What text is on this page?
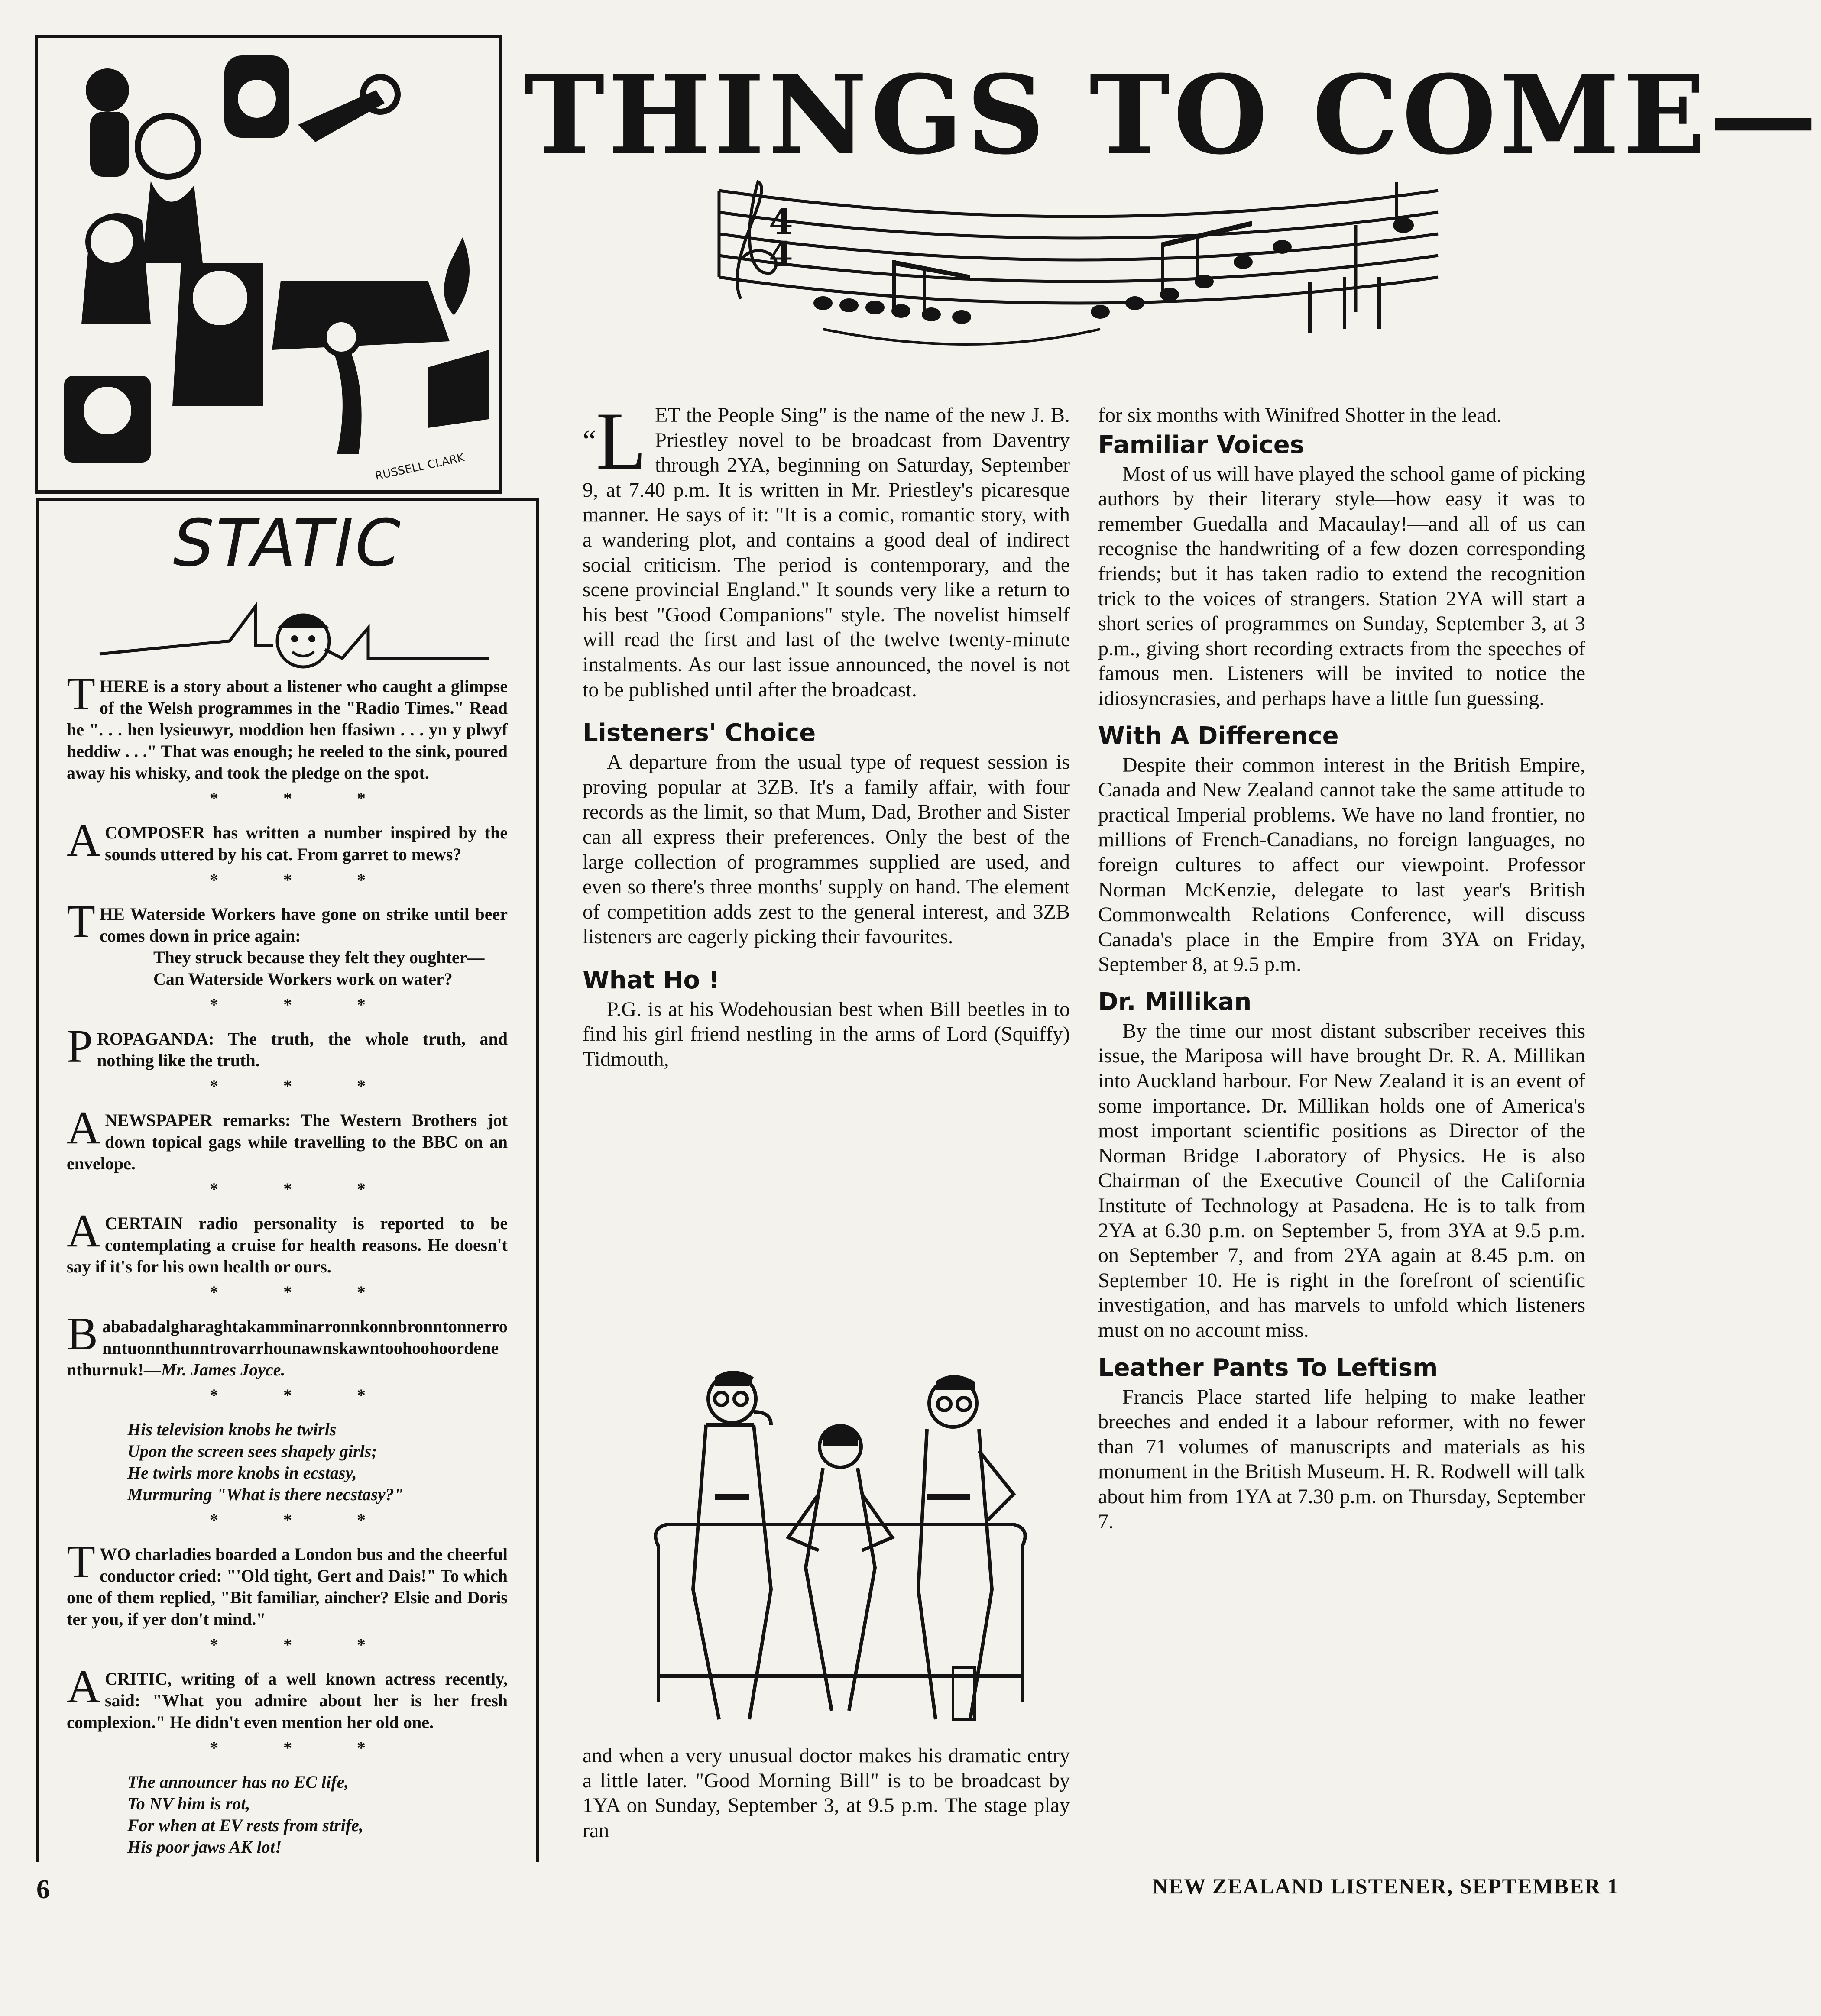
RUSSELL CLARK
THINGS TO COME—
4
4
STATIC

THERE is a story about a listener who caught a glimpse of the Welsh programmes in the "Radio Times." Read he ". . . hen lysieuwyr, moddion hen ffasiwn . . . yn y plwyf heddiw . . ." That was enough; he reeled to the sink, poured away his whisky, and took the pledge on the spot.

* * *

ACOMPOSER has written a number inspired by the sounds uttered by his cat. From garret to mews?

* * *

THE Waterside Workers have gone on strike until beer comes down in price again:

They struck because they felt they oughter—

Can Waterside Workers work on water?

* * *

PROPAGANDA: The truth, the whole truth, and nothing like the truth.

* * *

ANEWSPAPER remarks: The Western Brothers jot down topical gags while travelling to the BBC on an envelope.

* * *

ACERTAIN radio personality is reported to be contemplating a cruise for health reasons. He doesn't say if it's for his own health or ours.

* * *

Bababadalgharaghtakamminarronnkonnbronntonnerronntuonnthunntrovarrhounawnskawntoohoohoordenenthurnuk!—Mr. James Joyce.

* * *

His television knobs he twirls

Upon the screen sees shapely girls;

He twirls more knobs in ecstasy,

Murmuring "What is there necstasy?"

* * *

TWO charladies boarded a London bus and the cheerful conductor cried: "'Old tight, Gert and Dais!" To which one of them replied, "Bit familiar, aincher? Elsie and Doris ter you, if yer don't mind."

* * *

ACRITIC, writing of a well known actress recently, said: "What you admire about her is her fresh complexion." He didn't even mention her old one.

* * *

The announcer has no EC life,

To NV him is rot,

For when at EV rests from strife,

His poor jaws AK lot!

“L ET the People Sing" is the name of the new J. B. Priestley novel to be broadcast from Daventry through 2YA, beginning on Saturday, September 9, at 7.40 p.m. It is written in Mr. Priestley's picaresque manner. He says of it: "It is a comic, romantic story, with a wandering plot, and contains a good deal of indirect social criticism. The period is contemporary, and the scene provincial England." It sounds very like a return to his best "Good Companions" style. The novelist himself will read the first and last of the twelve twenty-minute instalments. As our last issue announced, the novel is not to be published until after the broadcast.

Listeners' Choice

A departure from the usual type of request session is proving popular at 3ZB. It's a family affair, with four records as the limit, so that Mum, Dad, Brother and Sister can all express their preferences. Only the best of the large collection of programmes supplied are used, and even so there's three months' supply on hand. The element of competition adds zest to the general interest, and 3ZB listeners are eagerly picking their favourites.

What Ho !

P.G. is at his Wodehousian best when Bill beetles in to find his girl friend nestling in the arms of Lord (Squiffy) Tidmouth,

and when a very unusual doctor makes his dramatic entry a little later. "Good Morning Bill" is to be broadcast by 1YA on Sunday, September 3, at 9.5 p.m. The stage play ran

for six months with Winifred Shotter in the lead.

Familiar Voices

Most of us will have played the school game of picking authors by their literary style—how easy it was to remember Guedalla and Macaulay!—and all of us can recognise the handwriting of a few dozen corresponding friends; but it has taken radio to extend the recognition trick to the voices of strangers. Station 2YA will start a short series of programmes on Sunday, September 3, at 3 p.m., giving short recording extracts from the speeches of famous men. Listeners will be invited to notice the idiosyncrasies, and perhaps have a little fun guessing.

With A Difference

Despite their common interest in the British Empire, Canada and New Zealand cannot take the same attitude to practical Imperial problems. We have no land frontier, no millions of French-Canadians, no foreign languages, no foreign cultures to affect our viewpoint. Professor Norman McKenzie, delegate to last year's British Commonwealth Relations Conference, will discuss Canada's place in the Empire from 3YA on Friday, September 8, at 9.5 p.m.

Dr. Millikan

By the time our most distant subscriber receives this issue, the Mariposa will have brought Dr. R. A. Millikan into Auckland harbour. For New Zealand it is an event of some importance. Dr. Millikan holds one of America's most important scientific positions as Director of the Norman Bridge Laboratory of Physics. He is also Chairman of the Executive Council of the California Institute of Technology at Pasadena. He is to talk from 2YA at 6.30 p.m. on September 5, from 3YA at 9.5 p.m. on September 7, and from 2YA again at 8.45 p.m. on September 10. He is right in the forefront of scientific investigation, and has marvels to unfold which listeners must on no account miss.

Leather Pants To Leftism

Francis Place started life helping to make leather breeches and ended it a labour reformer, with no fewer than 71 volumes of manuscripts and materials as his monument in the British Museum. H. R. Rodwell will talk about him from 1YA at 7.30 p.m. on Thursday, September 7.

6	NEW ZEALAND LISTENER, SEPTEMBER 1
